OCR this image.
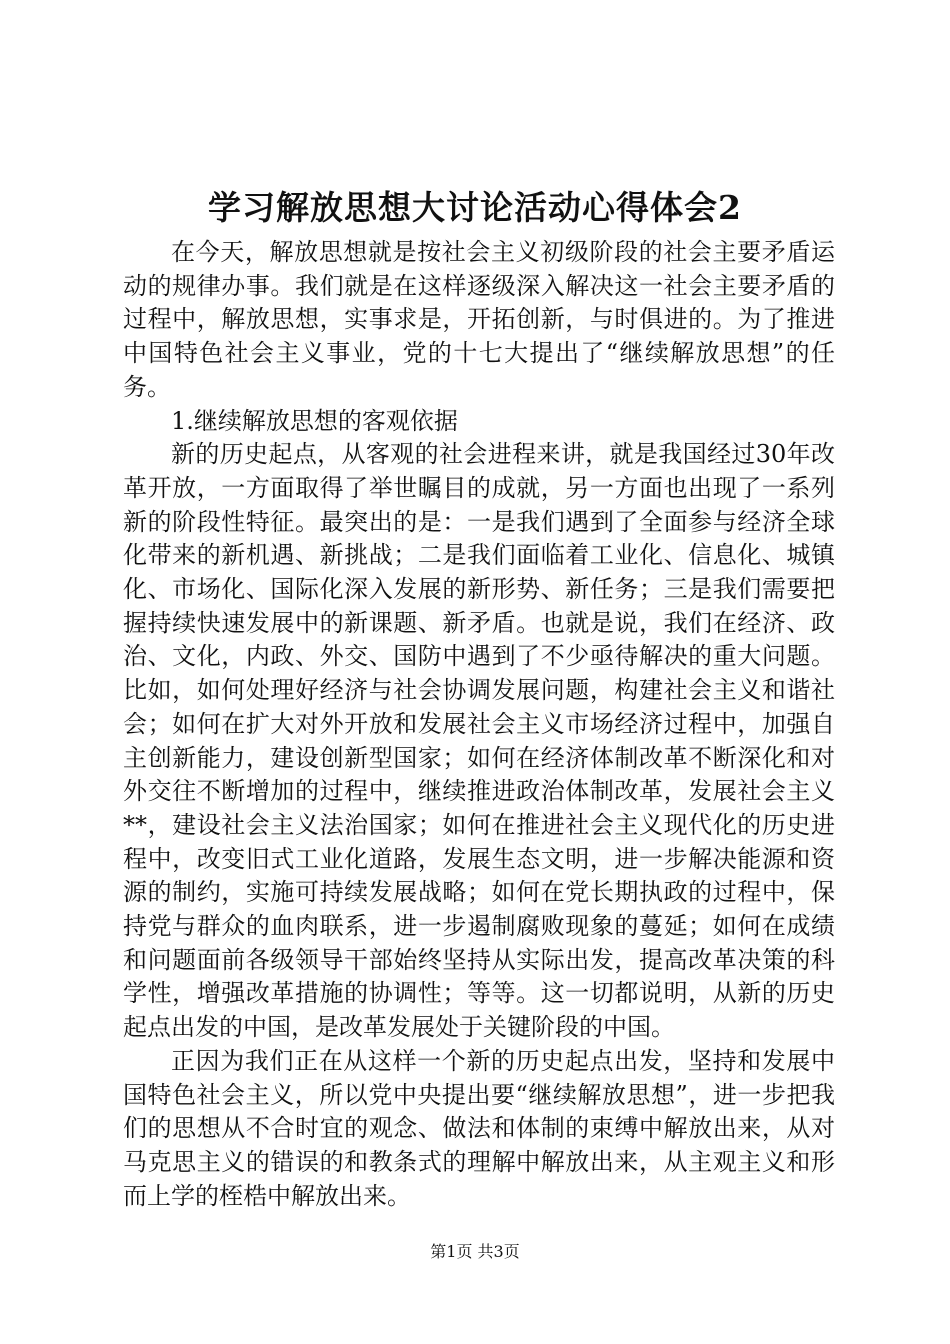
学习解放思想大讨论活动心得体会2

在今天，解放思想就是按社会主义初级阶段的社会主要矛盾运动的规律办事。我们就是在这样逐级深入解决这一社会主要矛盾的过程中，解放思想，实事求是，开拓创新，与时俱进的。为了推进中国特色社会主义事业，党的十七大提出了“继续解放思想”的任务。

1.继续解放思想的客观依据

新的历史起点，从客观的社会进程来讲，就是我国经过30年改革开放，一方面取得了举世瞩目的成就，另一方面也出现了一系列新的阶段性特征。最突出的是：一是我们遇到了全面参与经济全球化带来的新机遇、新挑战；二是我们面临着工业化、信息化、城镇化、市场化、国际化深入发展的新形势、新任务；三是我们需要把握持续快速发展中的新课题、新矛盾。也就是说，我们在经济、政治、文化，内政、外交、国防中遇到了不少亟待解决的重大问题。比如，如何处理好经济与社会协调发展问题，构建社会主义和谐社会；如何在扩大对外开放和发展社会主义市场经济过程中，加强自主创新能力，建设创新型国家；如何在经济体制改革不断深化和对外交往不断增加的过程中，继续推进政治体制改革，发展社会主义**，建设社会主义法治国家；如何在推进社会主义现代化的历史进程中，改变旧式工业化道路，发展生态文明，进一步解决能源和资源的制约，实施可持续发展战略；如何在党长期执政的过程中，保持党与群众的血肉联系，进一步遏制腐败现象的蔓延；如何在成绩和问题面前各级领导干部始终坚持从实际出发，提高改革决策的科学性，增强改革措施的协调性；等等。这一切都说明，从新的历史起点出发的中国，是改革发展处于关键阶段的中国。

正因为我们正在从这样一个新的历史起点出发，坚持和发展中国特色社会主义，所以党中央提出要“继续解放思想”，进一步把我们的思想从不合时宜的观念、做法和体制的束缚中解放出来，从对马克思主义的错误的和教条式的理解中解放出来，从主观主义和形而上学的桎梏中解放出来。

第1页 共3页
